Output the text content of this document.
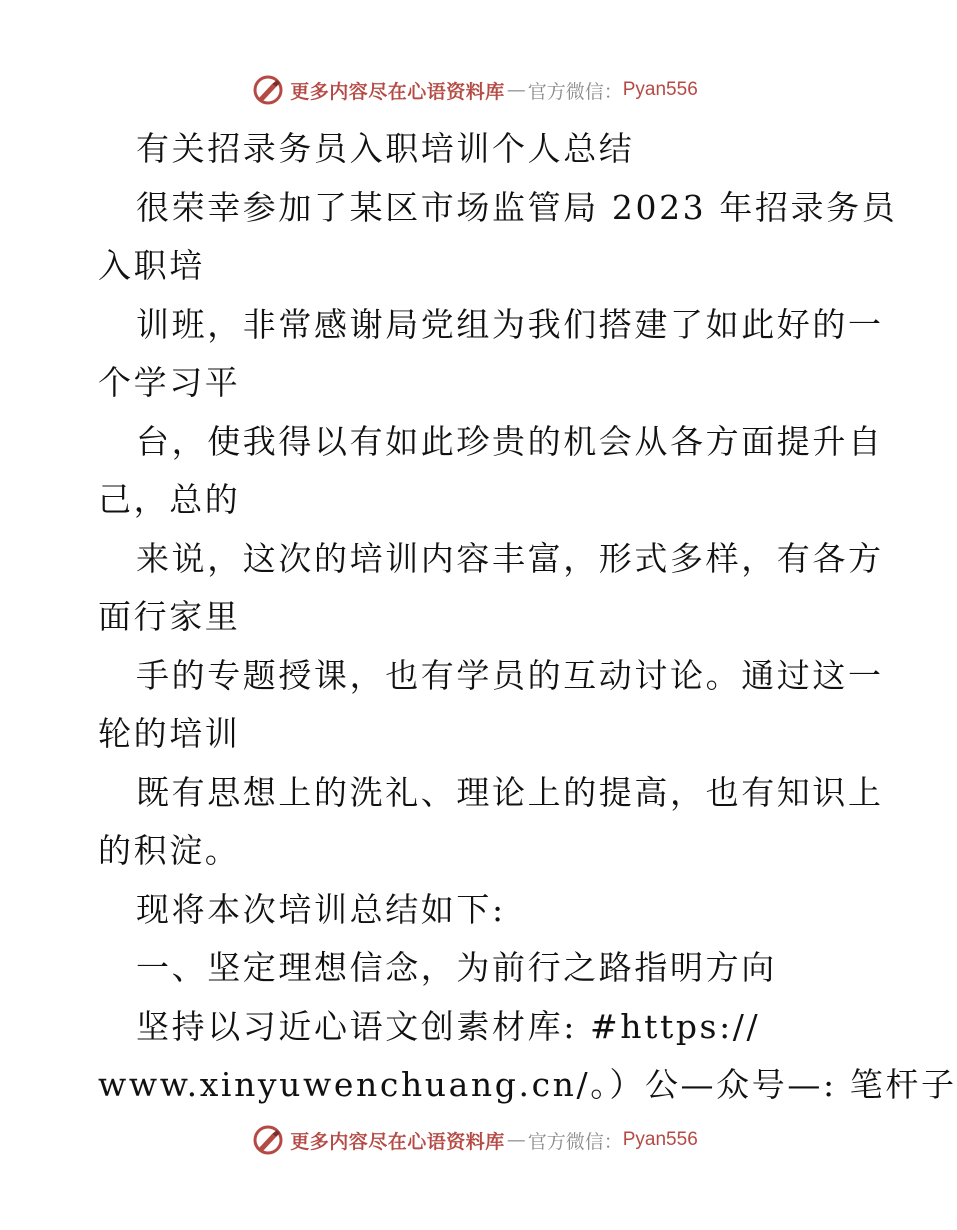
更多内容尽在心语资料库 — 官方微信： Pyan556
有关招录务员入职培训个人总结
很荣幸参加了某区市场监管局 2023 年招录务员
入职培
训班，非常感谢局党组为我们搭建了如此好的一
个学习平
台，使我得以有如此珍贵的机会从各方面提升自
己，总的
来说，这次的培训内容丰富，形式多样，有各方
面行家里
手的专题授课，也有学员的互动讨论。通过这一
轮的培训
既有思想上的洗礼、理论上的提高，也有知识上
的积淀。
现将本次培训总结如下:
一、坚定理想信念，为前行之路指明方向
坚持以习近心语文创素材库: #https://
www.xinyuwenchuang.cn/。）公—众号—: 笔杆子
更多内容尽在心语资料库 — 官方微信： Pyan556
